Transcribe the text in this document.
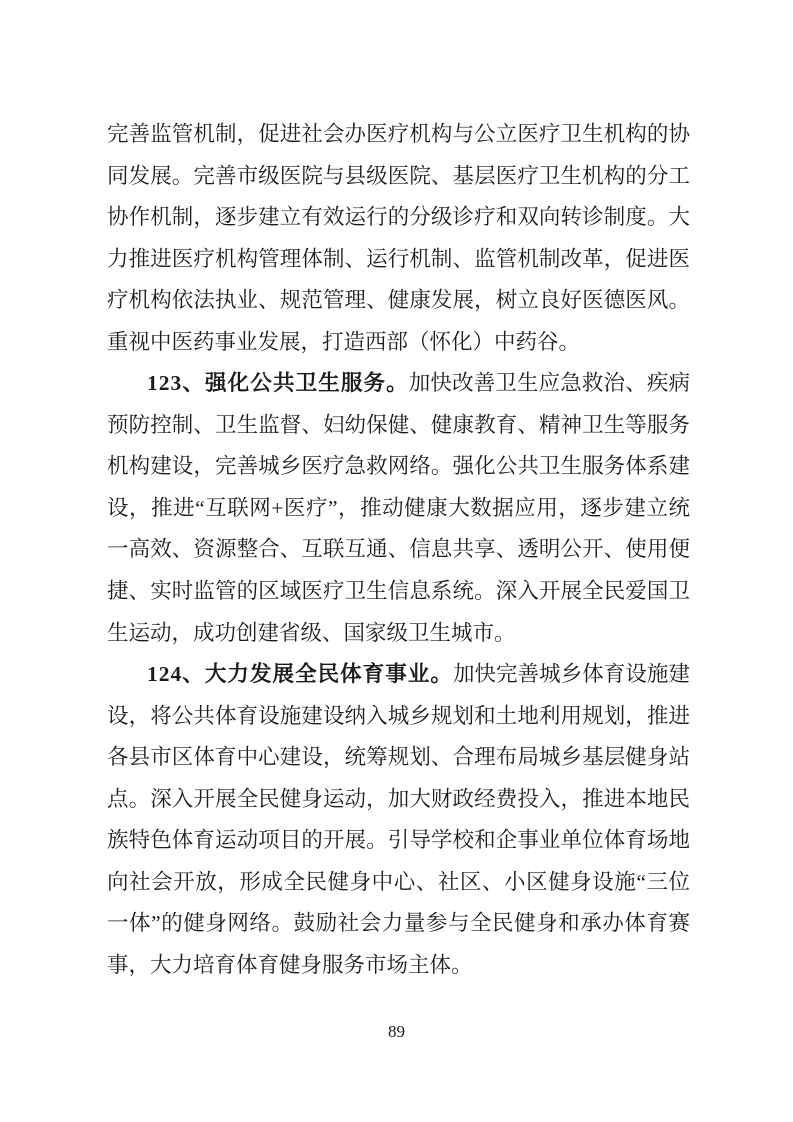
完善监管机制，促进社会办医疗机构与公立医疗卫生机构的协
同发展。完善市级医院与县级医院、基层医疗卫生机构的分工
协作机制，逐步建立有效运行的分级诊疗和双向转诊制度。大
力推进医疗机构管理体制、运行机制、监管机制改革，促进医
疗机构依法执业、规范管理、健康发展，树立良好医德医风。
重视中医药事业发展，打造西部（怀化）中药谷。
123、强化公共卫生服务。加快改善卫生应急救治、疾病
预防控制、卫生监督、妇幼保健、健康教育、精神卫生等服务
机构建设，完善城乡医疗急救网络。强化公共卫生服务体系建
设，推进“互联网+医疗”，推动健康大数据应用，逐步建立统
一高效、资源整合、互联互通、信息共享、透明公开、使用便
捷、实时监管的区域医疗卫生信息系统。深入开展全民爱国卫
生运动，成功创建省级、国家级卫生城市。
124、大力发展全民体育事业。加快完善城乡体育设施建
设，将公共体育设施建设纳入城乡规划和土地利用规划，推进
各县市区体育中心建设，统筹规划、合理布局城乡基层健身站
点。深入开展全民健身运动，加大财政经费投入，推进本地民
族特色体育运动项目的开展。引导学校和企事业单位体育场地
向社会开放，形成全民健身中心、社区、小区健身设施“三位
一体”的健身网络。鼓励社会力量参与全民健身和承办体育赛
事，大力培育体育健身服务市场主体。
89
